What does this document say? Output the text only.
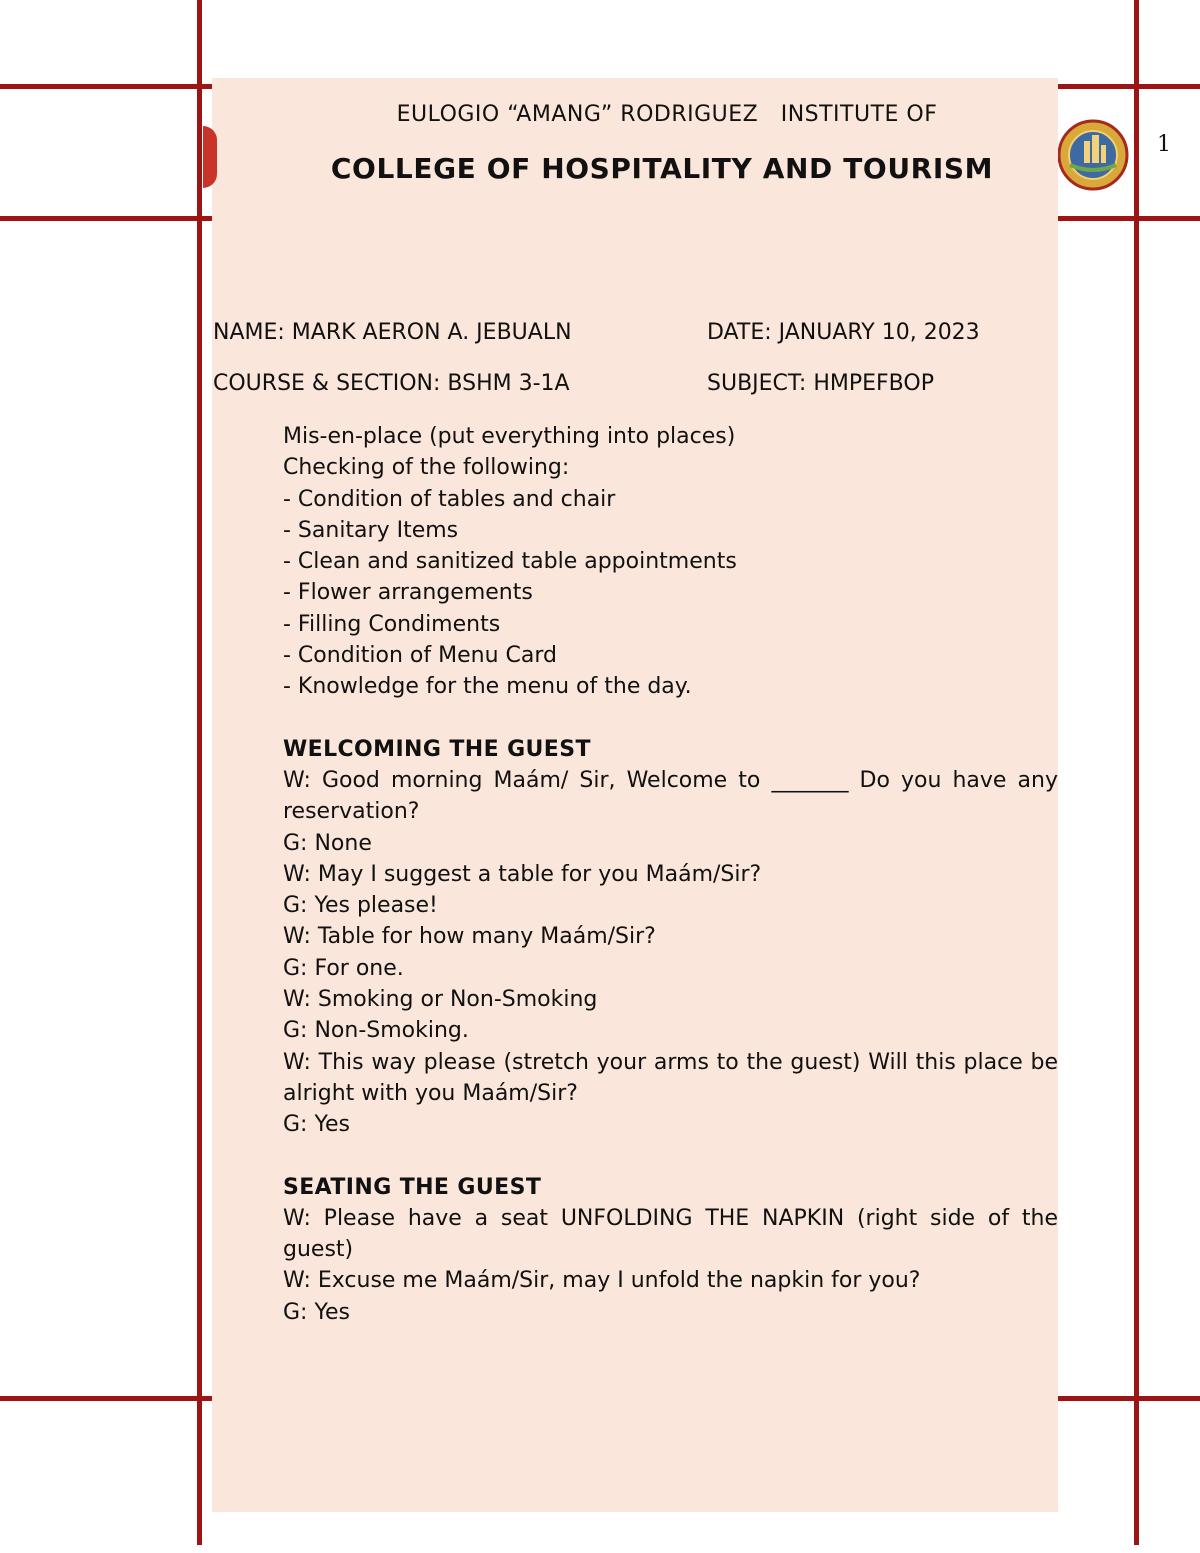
1969
1
EULOGIO “AMANG” RODRIGUEZ   INSTITUTE OF
COLLEGE OF HOSPITALITY AND TOURISM
NAME: MARK AERON A. JEBUALN	DATE: JANUARY 10, 2023
COURSE & SECTION: BSHM 3-1A	SUBJECT: HMPEFBOP

Mis-en-place (put everything into places)

Checking of the following:

- Condition of tables and chair

- Sanitary Items

- Clean and sanitized table appointments

- Flower arrangements

- Filling Condiments

- Condition of Menu Card

- Knowledge for the menu of the day.

WELCOMING THE GUEST

W: Good morning Maám/ Sir, Welcome to _______ Do you have any reservation?

G: None

W: May I suggest a table for you Maám/Sir?

G: Yes please!

W: Table for how many Maám/Sir?

G: For one.

W: Smoking or Non-Smoking

G: Non-Smoking.

W: This way please (stretch your arms to the guest) Will this place be alright with you Maám/Sir?

G: Yes

SEATING THE GUEST

W: Please have a seat UNFOLDING THE NAPKIN (right side of the guest)

W: Excuse me Maám/Sir, may I unfold the napkin for you?

G: Yes
